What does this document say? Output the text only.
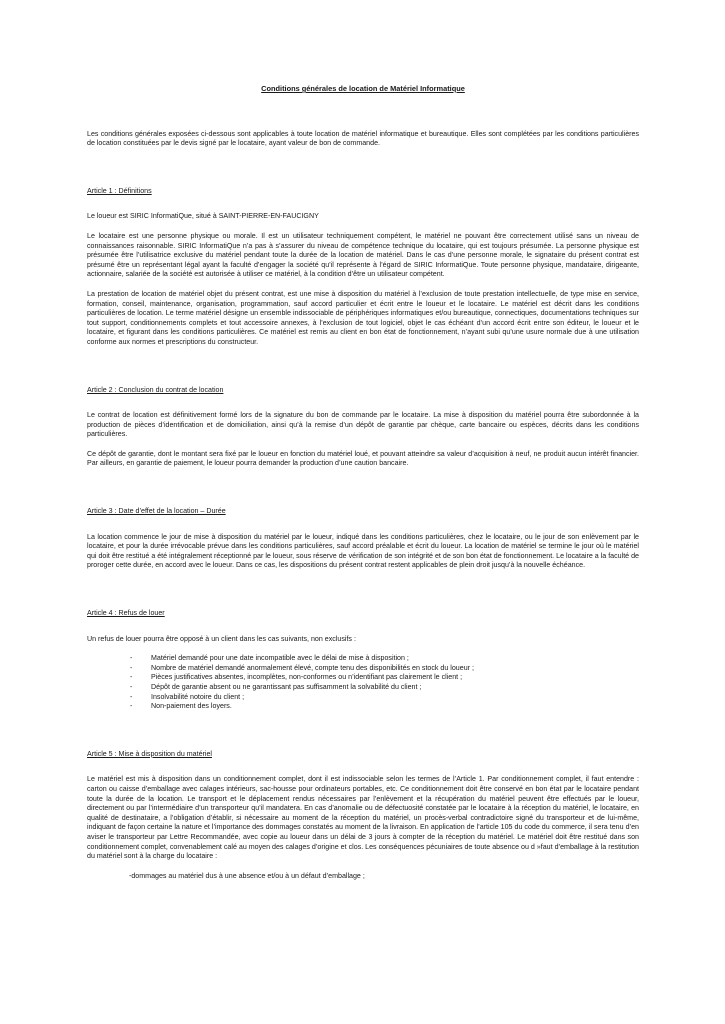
Conditions générales de location de Matériel Informatique

Les conditions générales exposées ci-dessous sont applicables à toute location de matériel informatique et bureautique. Elles sont complétées par les conditions particulières de location constituées par le devis signé par le locataire, ayant valeur de bon de commande.

Article 1 : Définitions

Le loueur est SIRIC InformatiQue, situé à SAINT-PIERRE-EN-FAUCIGNY

Le locataire est une personne physique ou morale. Il est un utilisateur techniquement compétent, le matériel ne pouvant être correctement utilisé sans un niveau de connaissances raisonnable. SIRIC InformatiQue n’a pas à s’assurer du niveau de compétence technique du locataire, qui est toujours présumée. La personne physique est présumée être l’utilisatrice exclusive du matériel pendant toute la durée de la location de matériel. Dans le cas d’une personne morale, le signataire du présent contrat est présumé être un représentant légal ayant la faculté d’engager la société qu’il représente à l’égard de SIRIC InformatiQue. Toute personne physique, mandataire, dirigeante, actionnaire, salariée de la société est autorisée à utiliser ce matériel, à la condition d’être un utilisateur compétent.

La prestation de location de matériel objet du présent contrat, est une mise à disposition du matériel à l’exclusion de toute prestation intellectuelle, de type mise en service, formation, conseil, maintenance, organisation, programmation, sauf accord particulier et écrit entre le loueur et le locataire. Le matériel est décrit dans les conditions particulières de location. Le terme matériel désigne un ensemble indissociable de périphériques informatiques et/ou bureautique, connectiques, documentations techniques sur tout support, conditionnements complets et tout accessoire annexes, à l’exclusion de tout logiciel, objet le cas échéant d’un accord écrit entre son éditeur, le loueur et le locataire, et figurant dans les conditions particulières. Ce matériel est remis au client en bon état de fonctionnement, n’ayant subi qu’une usure normale due à une utilisation conforme aux normes et prescriptions du constructeur.

Article 2 : Conclusion du contrat de location

Le contrat de location est définitivement formé lors de la signature du bon de commande par le locataire. La mise à disposition du matériel pourra être subordonnée à la production de pièces d’identification et de domiciliation, ainsi qu’à la remise d’un dépôt de garantie par chèque, carte bancaire ou espèces, décrits dans les conditions particulières.

Ce dépôt de garantie, dont le montant sera fixé par le loueur en fonction du matériel loué, et pouvant atteindre sa valeur d’acquisition à neuf, ne produit aucun intérêt financier. Par ailleurs, en garantie de paiement, le loueur pourra demander la production d’une caution bancaire.

Article 3 : Date d’effet de la location – Durée

La location commence le jour de mise à disposition du matériel par le loueur, indiqué dans les conditions particulières, chez le locataire, ou le jour de son enlèvement par le locataire, et pour la durée irrévocable prévue dans les conditions particulières, sauf accord préalable et écrit du loueur. La location de matériel se termine le jour où le matériel qui doit être restitué a été intégralement réceptionné par le loueur, sous réserve de vérification de son intégrité et de son bon état de fonctionnement. Le locataire a la faculté de proroger cette durée, en accord avec le loueur. Dans ce cas, les dispositions du présent contrat restent applicables de plein droit jusqu’à la nouvelle échéance.

Article 4 : Refus de louer

Un refus de louer pourra être opposé à un client dans les cas suivants, non exclusifs :

- Matériel demandé pour une date incompatible avec le délai de mise à disposition ;
- Nombre de matériel demandé anormalement élevé, compte tenu des disponibilités en stock du loueur ;
- Pièces justificatives absentes, incomplètes, non-conformes ou n’identifiant pas clairement le client ;
- Dépôt de garantie absent ou ne garantissant pas suffisamment la solvabilité du client ;
- Insolvabilité notoire du client ;
- Non-paiement des loyers.

Article 5 : Mise à disposition du matériel

Le matériel est mis à disposition dans un conditionnement complet, dont il est indissociable selon les termes de l’Article 1. Par conditionnement complet, il faut entendre : carton ou caisse d’emballage avec calages intérieurs, sac-housse pour ordinateurs portables, etc. Ce conditionnement doit être conservé en bon état par le locataire pendant toute la durée de la location. Le transport et le déplacement rendus nécessaires par l’enlèvement et la récupération du matériel peuvent être effectués par le loueur, directement ou par l’intermédiaire d’un transporteur qu’il mandatera. En cas d’anomalie ou de défectuosité constatée par le locataire à la réception du matériel, le locataire, en qualité de destinataire, a l’obligation d’établir, si nécessaire au moment de la réception du matériel, un procès-verbal contradictoire signé du transporteur et de lui-même, indiquant de façon certaine la nature et l’importance des dommages constatés au moment de la livraison. En application de l’article 105 du code du commerce, il sera tenu d’en aviser le transporteur par Lettre Recommandée, avec copie au loueur dans un délai de 3 jours à compter de la réception du matériel. Le matériel doit être restitué dans son conditionnement complet, convenablement calé au moyen des calages d’origine et clos. Les conséquences pécuniaires de toute absence ou d »faut d’emballage à la restitution du matériel sont à la charge du locataire :

-dommages au matériel dus à une absence et/ou à un défaut d’emballage ;
